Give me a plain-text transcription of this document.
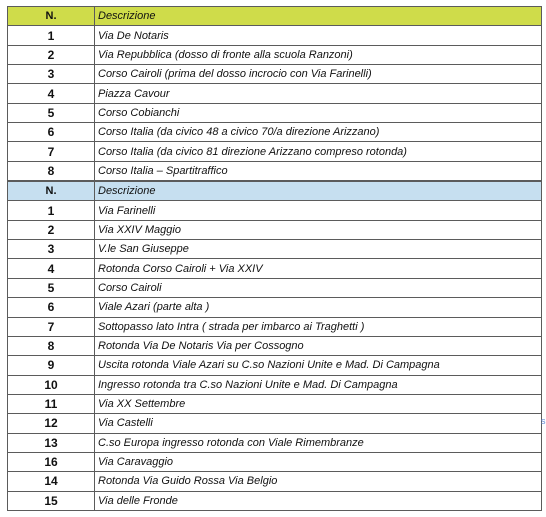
N.	Descrizione
1	Via De Notaris
2	Via Repubblica (dosso di fronte alla scuola Ranzoni)
3	Corso Cairoli (prima del dosso incrocio con Via Farinelli)
4	Piazza Cavour
5	Corso Cobianchi
6	Corso Italia (da civico 48 a civico 70/a direzione Arizzano)
7	Corso Italia (da civico 81 direzione Arizzano compreso rotonda)
8	Corso Italia – Spartitraffico
N.	Descrizione
1	Via Farinelli
2	Via XXIV Maggio
3	V.le San Giuseppe
4	Rotonda Corso Cairoli + Via XXIV
5	Corso Cairoli
6	Viale Azari (parte alta )
7	Sottopasso lato Intra ( strada per imbarco ai Traghetti )
8	Rotonda Via De Notaris Via per Cossogno
9	Uscita rotonda Viale Azari su C.so Nazioni Unite e Mad. Di Campagna
10	Ingresso rotonda tra C.so Nazioni Unite e Mad. Di Campagna
11	Via XX Settembre
12	Via Castelli
13	C.so Europa ingresso rotonda con Viale Rimembranze
16	Via Caravaggio
14	Rotonda Via Guido Rossa Via Belgio
15	Via delle Fronde
s
